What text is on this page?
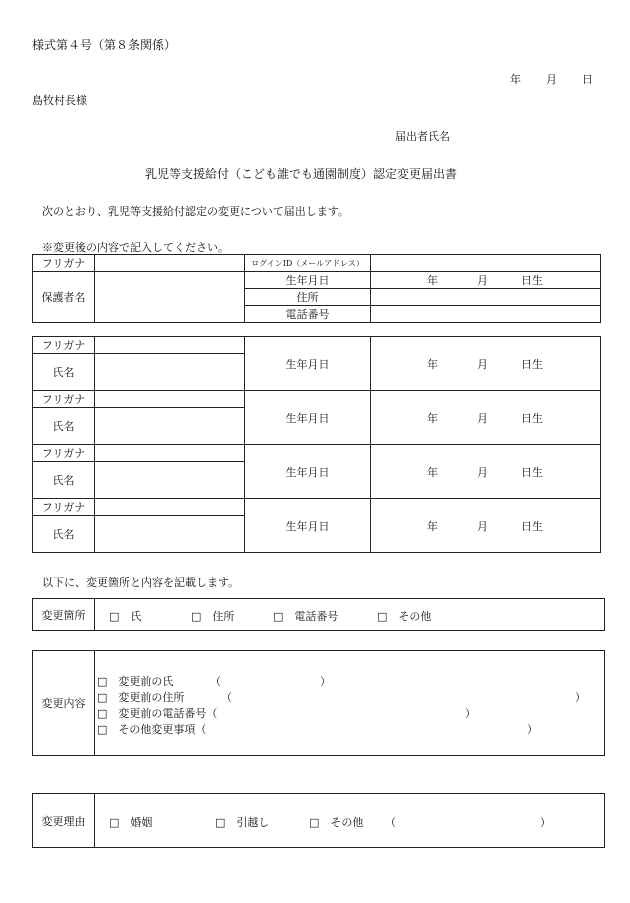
様式第４号（第８条関係）
年 月 日
島牧村長様
届出者氏名
乳児等支援給付（こども誰でも通園制度）認定変更届出書
次のとおり、乳児等支援給付認定の変更について届出します。
※変更後の内容で記入してください。
フリガナ		ログインID（メールアドレス）	
保護者名		生年月日	年 月 日生

		住所	
		電話番号	
フリガナ		生年月日	年 月 日生

氏名			
フリガナ		生年月日	年 月 日生

氏名			
フリガナ		生年月日	年 月 日生

氏名			
フリガナ		生年月日	年 月 日生

氏名			
以下に、変更箇所と内容を記載します。
変更箇所	□　氏	□　住所	□　電話番号	□　その他
変更内容	
□　変更前の氏	（	）
□　変更前の住所	（	）
□　変更前の電話番号（	）
□　その他変更事項（	）
変更理由	□　婚姻	□　引越し	□　その他 （	）
